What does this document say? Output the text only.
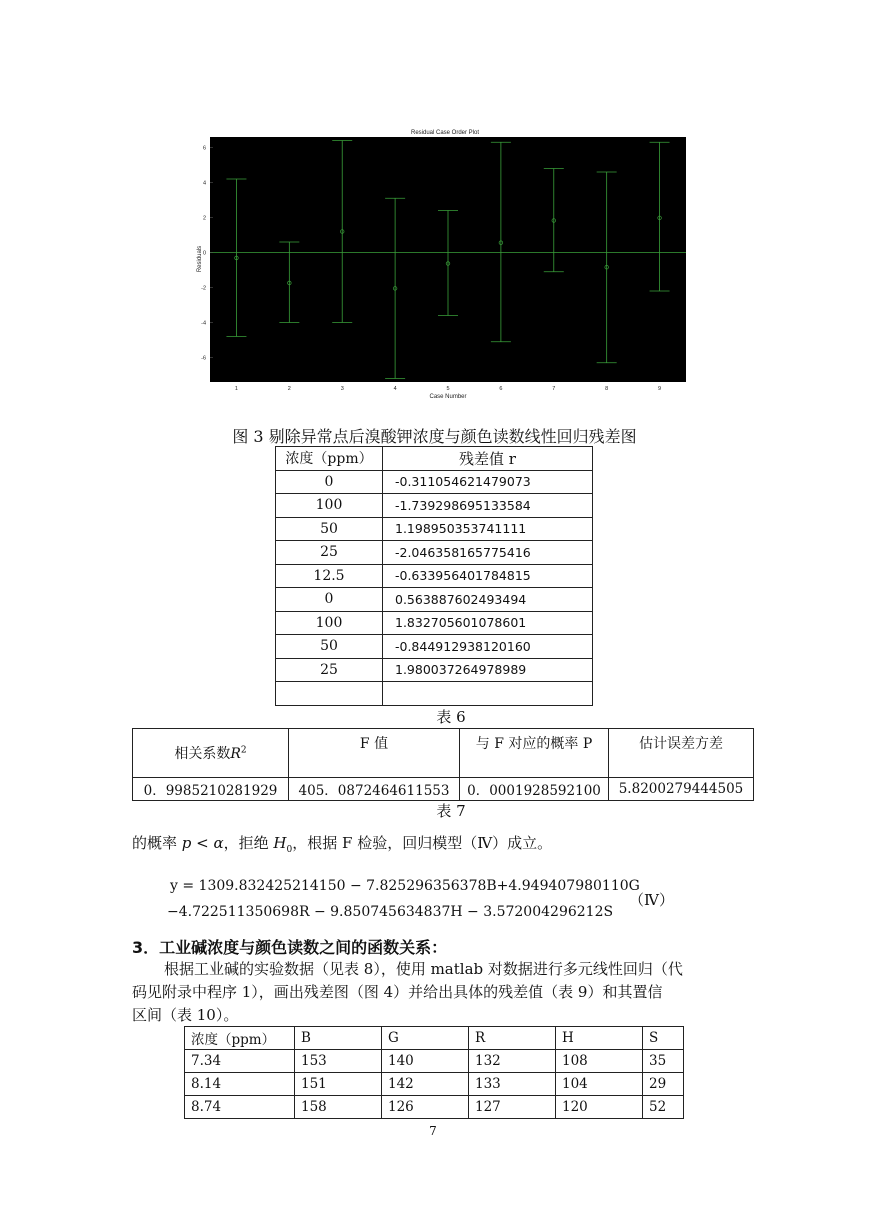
Residual Case Order Plot
-6
-4
-2
0
2
4
6
1	2	3	4	5	6	7	8	9
Case Number
Residuals
图 3 剔除异常点后溴酸钾浓度与颜色读数线性回归残差图
浓度（ppm）	残差值 r
0	-0.311054621479073
100	-1.739298695133584
50	1.198950353741111
25	-2.046358165775416
12.5	-0.633956401784815
0	0.563887602493494
100	1.832705601078601
50	-0.844912938120160
25	1.980037264978989

表 6
相关系数$R^2$	F 值	与 F 对应的概率 P	估计误差方差
0．9985210281929	405．0872464611553	0．0001928592100	5.8200279444505
表 7
的概率 p < α，拒绝 $H_0$，根据 F 检验，回归模型（Ⅳ）成立。
y = 1309.832425214150 − 7.825296356378B+4.949407980110G
−4.722511350698R − 9.850745634837H − 3.572004296212S
（Ⅳ）
3．工业碱浓度与颜色读数之间的函数关系：
根据工业碱的实验数据（见表 8），使用 matlab 对数据进行多元线性回归（代
码见附录中程序 1），画出残差图（图 4）并给出具体的残差值（表 9）和其置信
区间（表 10）。
浓度（ppm）	B	G	R	H	S
7.34	153	140	132	108	35
8.14	151	142	133	104	29
8.74	158	126	127	120	52
7
